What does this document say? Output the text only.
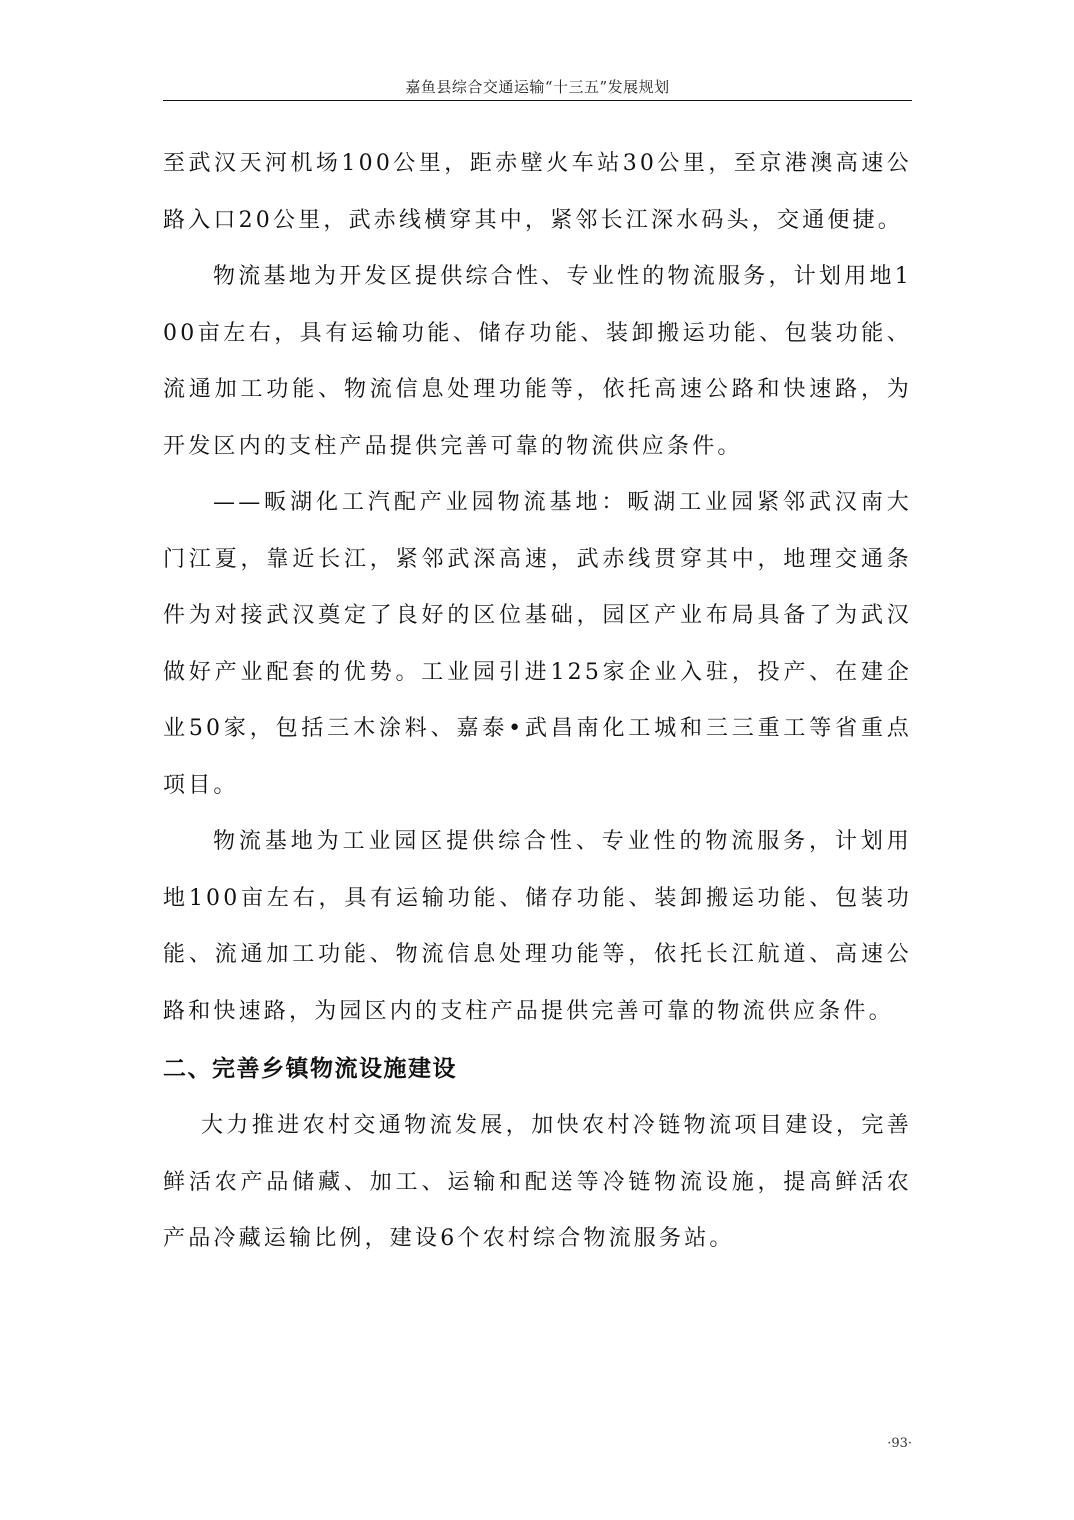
嘉鱼县综合交通运输“十三五”发展规划

至武汉天河机场100公里，距赤壁火车站30公里，至京港澳高速公路入口20公里，武赤线横穿其中，紧邻长江深水码头，交通便捷。

物流基地为开发区提供综合性、专业性的物流服务，计划用地100亩左右，具有运输功能、储存功能、装卸搬运功能、包装功能、流通加工功能、物流信息处理功能等，依托高速公路和快速路，为开发区内的支柱产品提供完善可靠的物流供应条件。

——畈湖化工汽配产业园物流基地：畈湖工业园紧邻武汉南大门江夏，靠近长江，紧邻武深高速，武赤线贯穿其中，地理交通条件为对接武汉奠定了良好的区位基础，园区产业布局具备了为武汉做好产业配套的优势。工业园引进125家企业入驻，投产、在建企业50家，包括三木涂料、嘉泰•武昌南化工城和三三重工等省重点项目。

物流基地为工业园区提供综合性、专业性的物流服务，计划用地100亩左右，具有运输功能、储存功能、装卸搬运功能、包装功能、流通加工功能、物流信息处理功能等，依托长江航道、高速公路和快速路，为园区内的支柱产品提供完善可靠的物流供应条件。

二、完善乡镇物流设施建设

大力推进农村交通物流发展，加快农村冷链物流项目建设，完善鲜活农产品储藏、加工、运输和配送等冷链物流设施，提高鲜活农产品冷藏运输比例，建设6个农村综合物流服务站。

·93·
